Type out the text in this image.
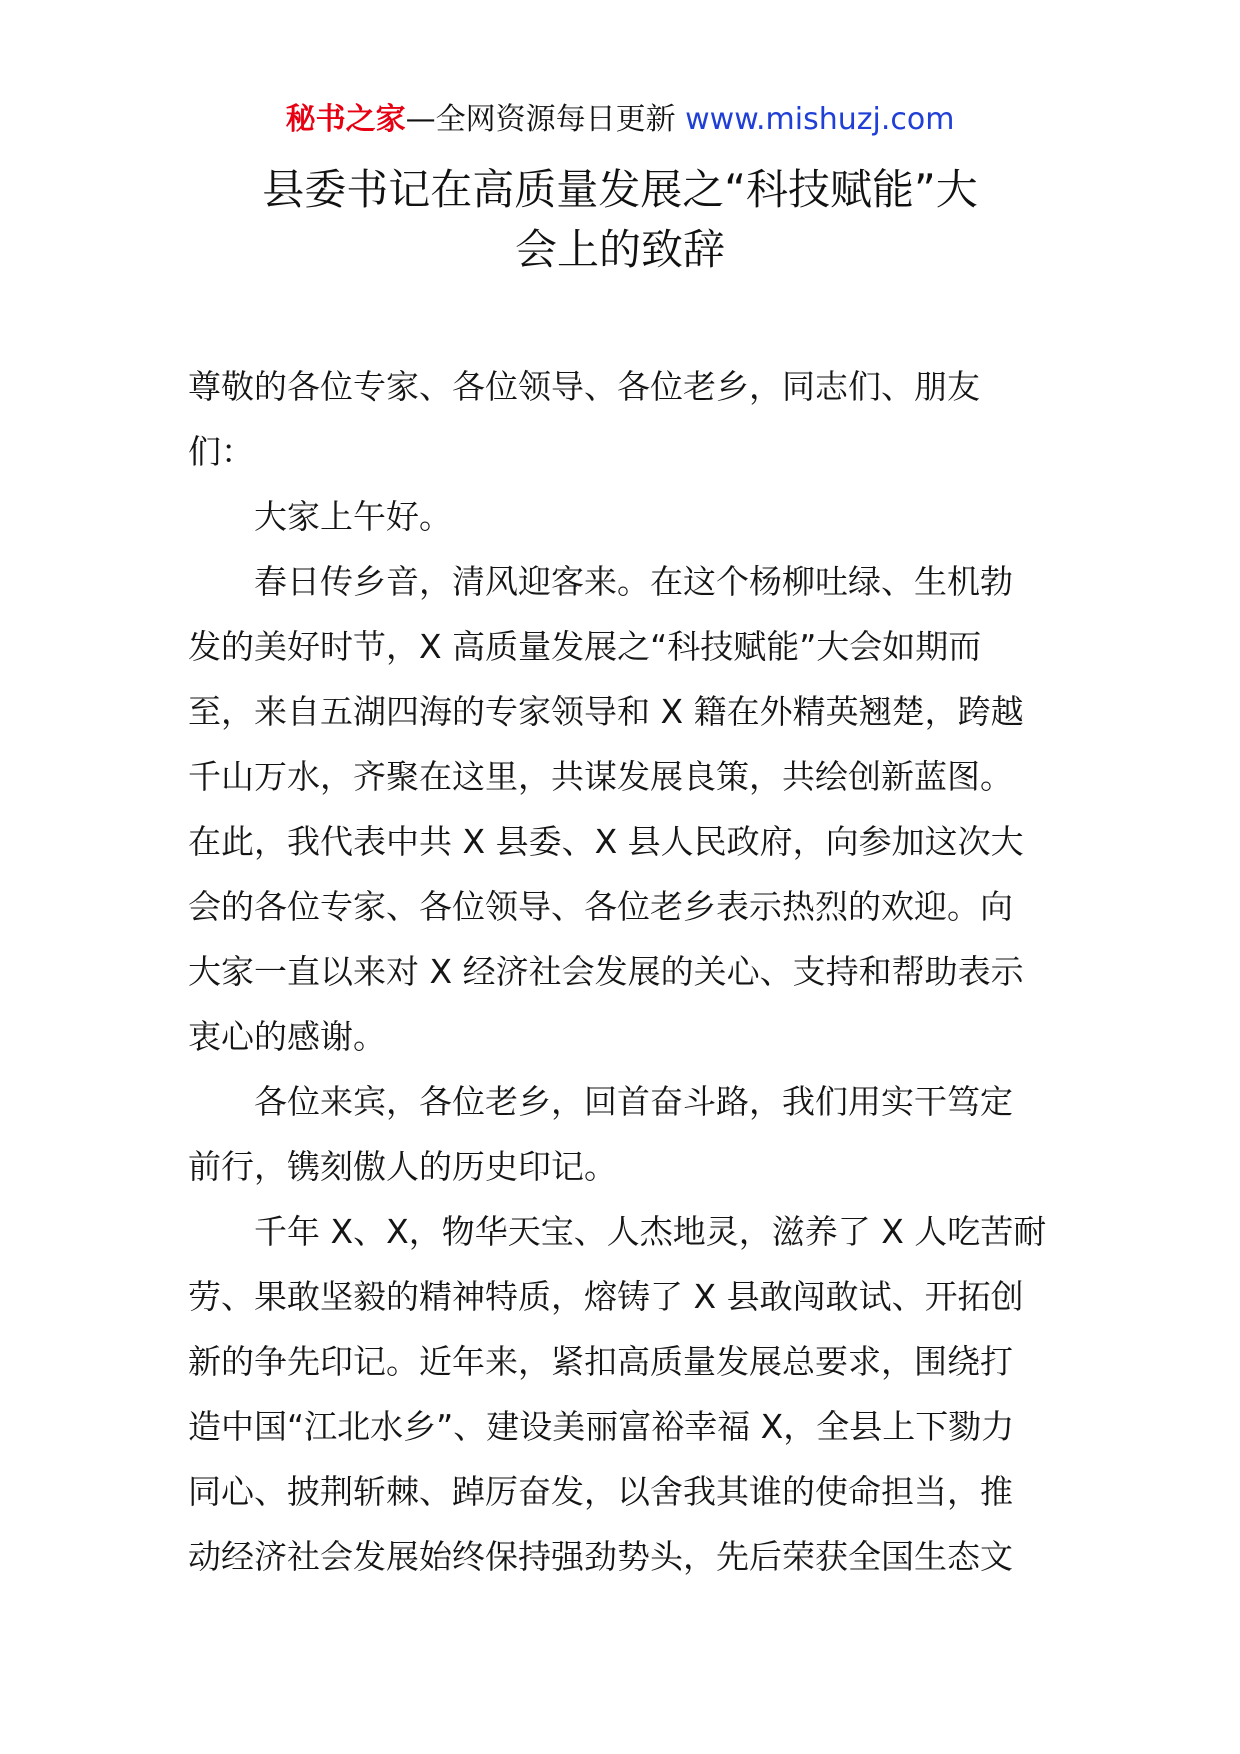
秘书之家—全网资源每日更新 www.mishuzj.com
县委书记在高质量发展之“科技赋能”大
会上的致辞
尊敬的各位专家、各位领导、各位老乡，同志们、朋友
们：
大家上午好。
春日传乡音，清风迎客来。在这个杨柳吐绿、生机勃
发的美好时节，X 高质量发展之“科技赋能”大会如期而
至，来自五湖四海的专家领导和 X 籍在外精英翘楚，跨越
千山万水，齐聚在这里，共谋发展良策，共绘创新蓝图。
在此，我代表中共 X 县委、X 县人民政府，向参加这次大
会的各位专家、各位领导、各位老乡表示热烈的欢迎。向
大家一直以来对 X 经济社会发展的关心、支持和帮助表示
衷心的感谢。
各位来宾，各位老乡，回首奋斗路，我们用实干笃定
前行，镌刻傲人的历史印记。
千年 X、X，物华天宝、人杰地灵，滋养了 X 人吃苦耐
劳、果敢坚毅的精神特质，熔铸了 X 县敢闯敢试、开拓创
新的争先印记。近年来，紧扣高质量发展总要求，围绕打
造中国“江北水乡”、建设美丽富裕幸福 X，全县上下勠力
同心、披荆斩棘、踔厉奋发，以舍我其谁的使命担当，推
动经济社会发展始终保持强劲势头，先后荣获全国生态文
